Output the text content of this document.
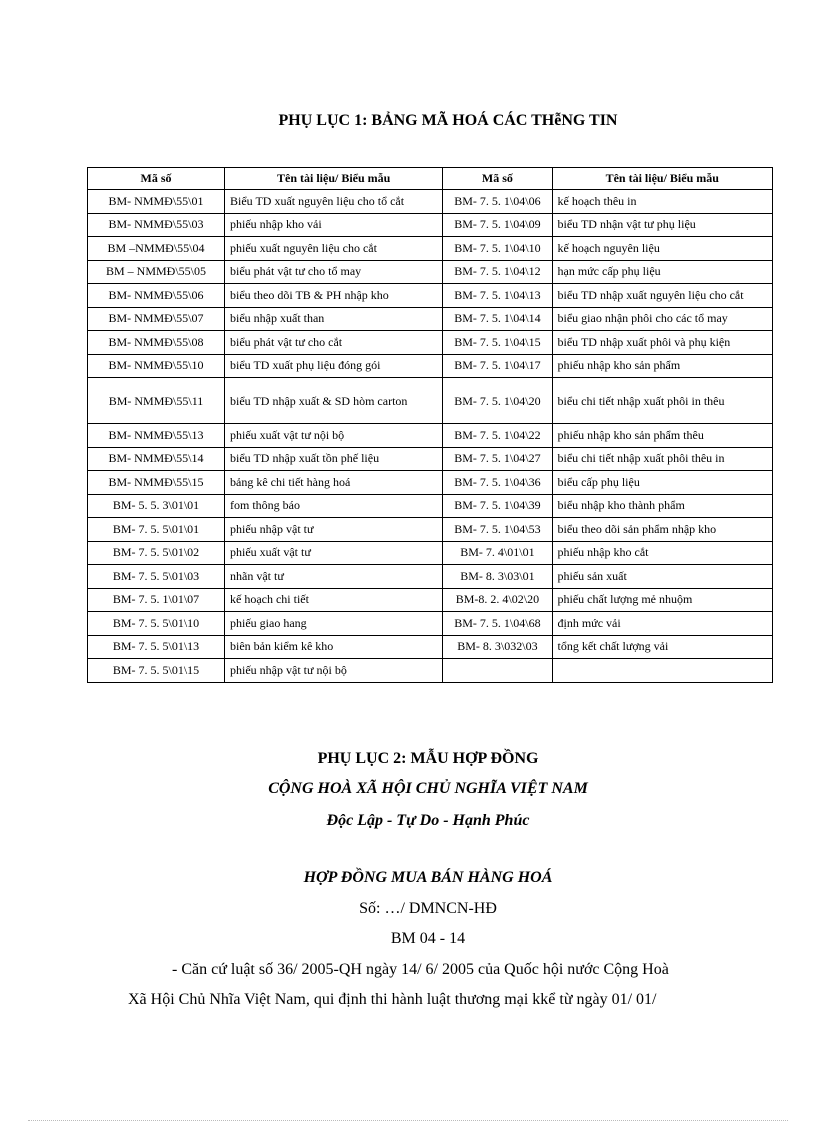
PHỤ LỤC 1: BẢNG MÃ HOÁ CÁC THễNG TIN
Mã số	Tên tài liệu/ Biểu mẫu	Mã số	Tên tài liệu/ Biểu mẫu
BM- NMMĐ\55\01	Biểu TD xuất nguyên liệu cho tổ cắt	BM- 7. 5. 1\04\06	kế hoạch thêu in
BM- NMMĐ\55\03	phiếu nhập kho vải	BM- 7. 5. 1\04\09	biểu TD nhận vật tư phụ liệu
BM –NMMĐ\55\04	phiếu xuất nguyên liệu cho cắt	BM- 7. 5. 1\04\10	kế hoạch nguyên liệu
BM – NMMĐ\55\05	biểu phát vật tư cho tổ may	BM- 7. 5. 1\04\12	hạn mức cấp phụ liệu
BM- NMMĐ\55\06	biểu theo dõi TB & PH nhập kho	BM- 7. 5. 1\04\13	biểu TD nhập xuất nguyên liệu cho cắt
BM- NMMĐ\55\07	biểu nhập xuất than	BM- 7. 5. 1\04\14	biểu giao nhận phôi cho các tổ may
BM- NMMĐ\55\08	biểu phát vật tư cho cắt	BM- 7. 5. 1\04\15	biểu TD nhập xuất phôi và phụ kiện
BM- NMMĐ\55\10	biểu TD xuất phụ liệu đóng gói	BM- 7. 5. 1\04\17	phiếu nhập kho sản phẩm
BM- NMMĐ\55\11	biểu TD nhập xuất & SD hòm carton	BM- 7. 5. 1\04\20	biểu chi tiết nhập xuất phôi in thêu
BM- NMMĐ\55\13	phiếu xuất vật tư nội bộ	BM- 7. 5. 1\04\22	phiếu nhập kho sản phẩm thêu
BM- NMMĐ\55\14	biểu TD nhập xuất tồn phế liệu	BM- 7. 5. 1\04\27	biểu chi tiết nhập xuất phôi thêu in
BM- NMMĐ\55\15	bảng kê chi tiết hàng hoá	BM- 7. 5. 1\04\36	biểu cấp phụ liệu
BM- 5. 5. 3\01\01	fom thông báo	BM- 7. 5. 1\04\39	biểu nhập kho thành phẩm
BM- 7. 5. 5\01\01	phiếu nhập vật tư	BM- 7. 5. 1\04\53	biểu theo dõi sản phẩm nhập kho
BM- 7. 5. 5\01\02	phiếu xuất vật tư	BM- 7. 4\01\01	phiếu nhập kho cắt
BM- 7. 5. 5\01\03	nhãn vật tư	BM- 8. 3\03\01	phiếu sản xuất
BM- 7. 5. 1\01\07	kế hoạch chi tiết	BM-8. 2. 4\02\20	phiếu chất lượng mẻ nhuộm
BM- 7. 5. 5\01\10	phiếu giao hang	BM- 7. 5. 1\04\68	định mức vải
BM- 7. 5. 5\01\13	biên bản kiểm kê kho	BM- 8. 3\032\03	tổng kết chất lượng vải
BM- 7. 5. 5\01\15	phiếu nhập vật tư nội bộ		
PHỤ LỤC 2: MẪU HỢP ĐỒNG
CỘNG HOÀ XÃ HỘI CHỦ NGHĨA VIỆT NAM
Độc Lập - Tự Do - Hạnh Phúc
HỢP ĐỒNG MUA BÁN HÀNG HOÁ
Số: …/ DMNCN-HĐ
BM 04 - 14
- Căn cứ luật số 36/ 2005-QH ngày 14/ 6/ 2005 của Quốc hội nước Cộng Hoà
Xã Hội Chủ Nhĩa Việt Nam, qui định thi hành luật thương mại kkể từ ngày 01/ 01/
